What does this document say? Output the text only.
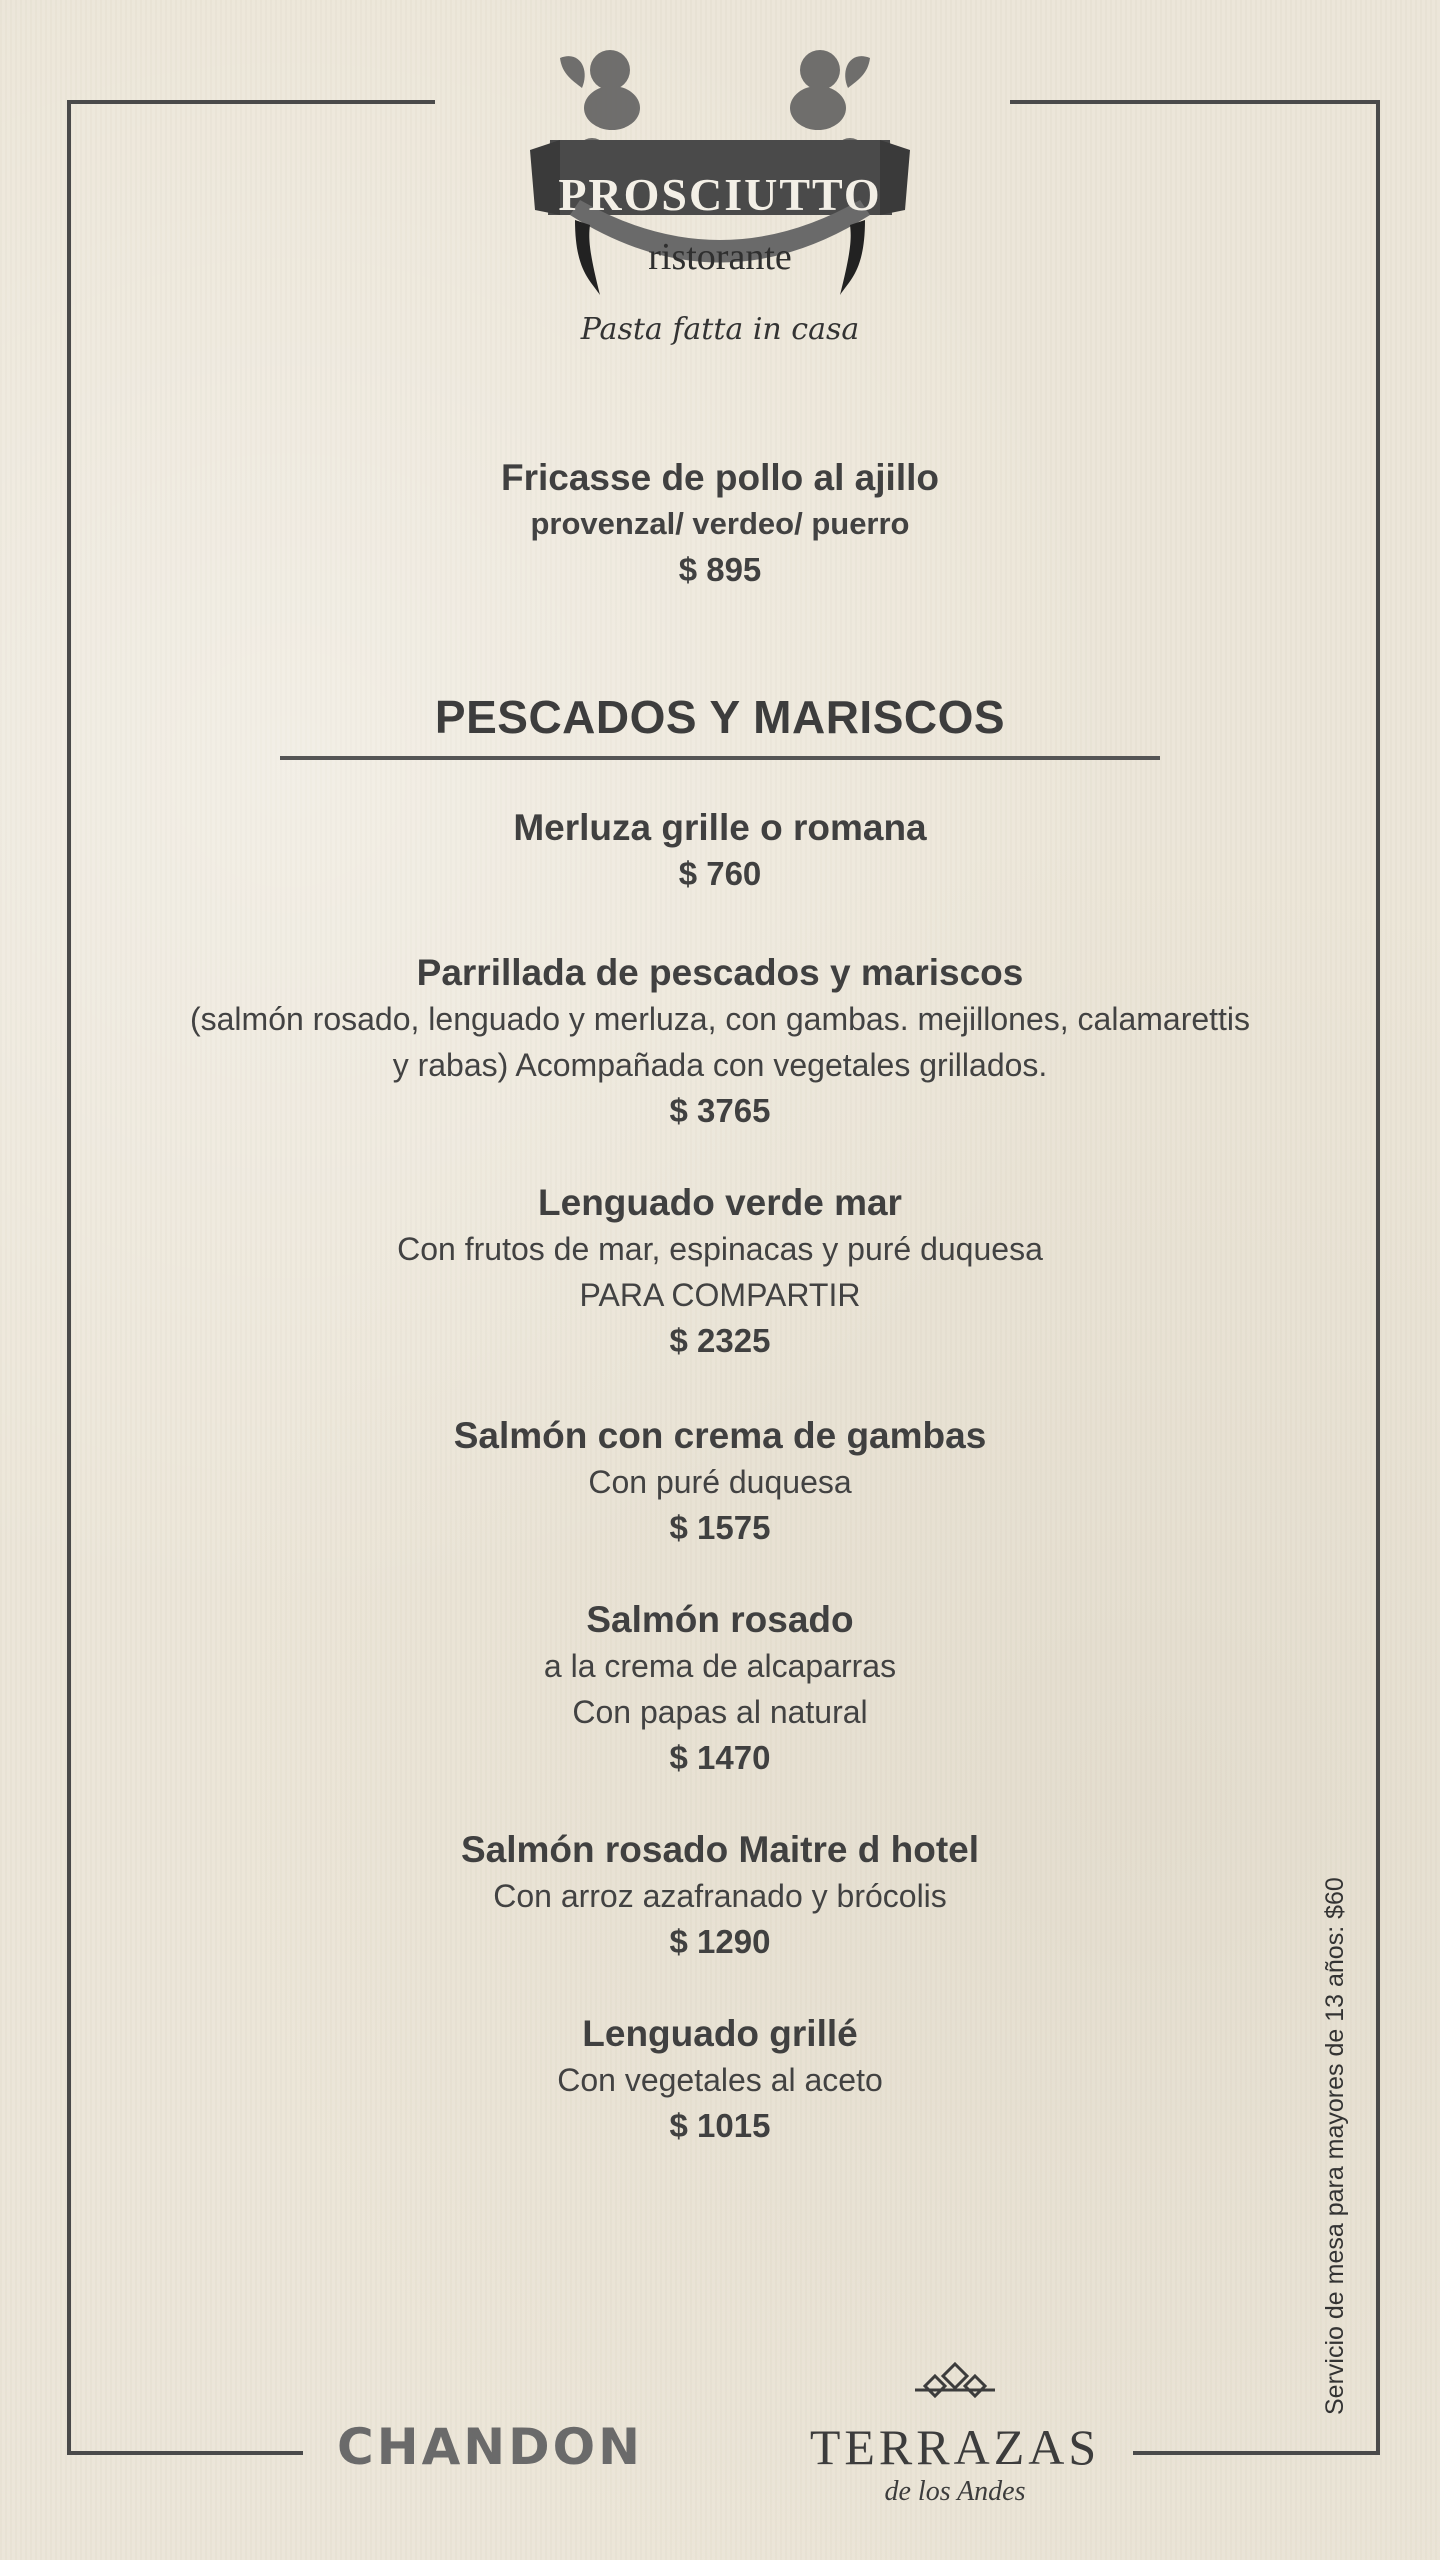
PROSCIUTTO
ristorante
Pasta fatta in casa
Fricasse de pollo al ajillo
provenzal/ verdeo/ puerro
$ 895
PESCADOS Y MARISCOS
Merluza grille o romana
$ 760
Parrillada de pescados y mariscos
(salmón rosado, lenguado y merluza, con gambas. mejillones, calamarettis
y rabas) Acompañada con vegetales grillados.
$ 3765
Lenguado verde mar
Con frutos de mar, espinacas y puré duquesa
PARA COMPARTIR
$ 2325
Salmón con crema de gambas
Con puré duquesa
$ 1575
Salmón rosado
a la crema de alcaparras
Con papas al natural
$ 1470
Salmón rosado Maitre d hotel
Con arroz azafranado y brócolis
$ 1290
Lenguado grillé
Con vegetales al aceto
$ 1015	Servicio de mesa para mayores de 13 años: $60
CHANDON	TERRAZAS
de los Andes
